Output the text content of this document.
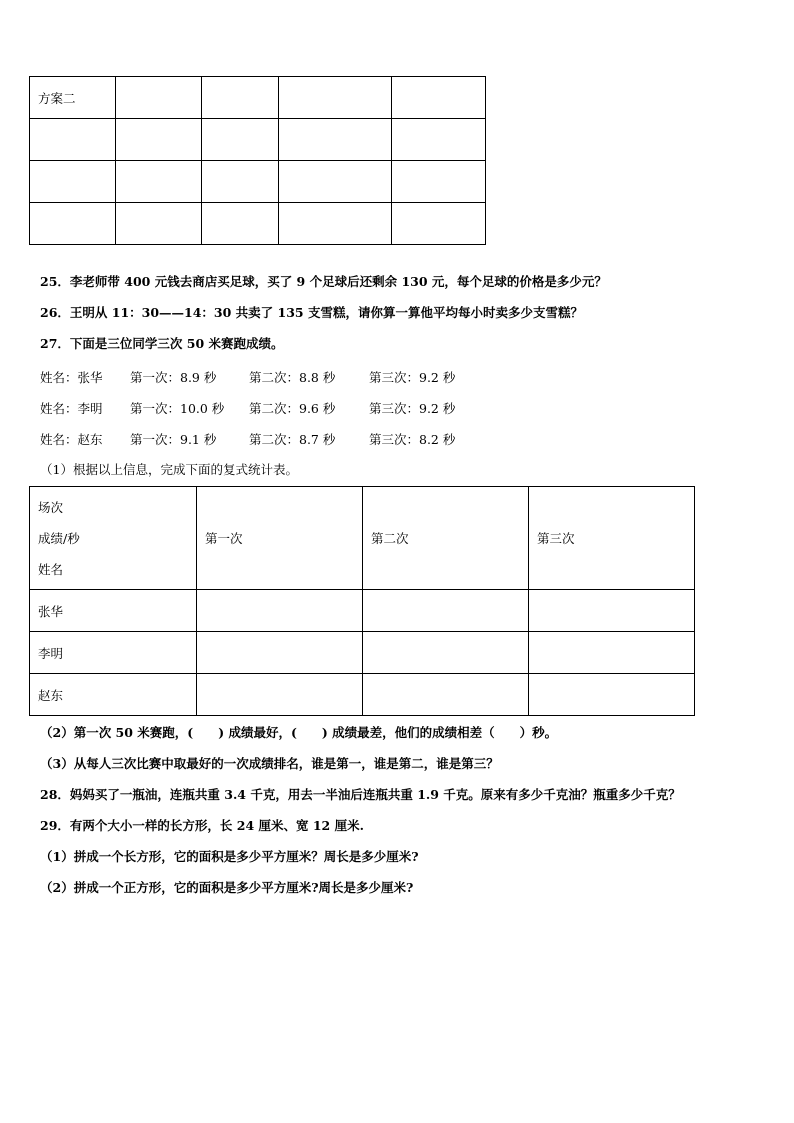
方案二				

25．李老师带 400 元钱去商店买足球，买了 9 个足球后还剩余 130 元，每个足球的价格是多少元？
26．王明从 11：30——14：30 共卖了 135 支雪糕，请你算一算他平均每小时卖多少支雪糕？
27．下面是三位同学三次 50 米赛跑成绩。
姓名：张华 第一次：8.9 秒	第二次：8.8 秒	第三次：9.2 秒
姓名：李明 第一次：10.0 秒 第二次：9.6 秒	第三次：9.2 秒
姓名：赵东 第一次：9.1 秒	第二次：8.7 秒	第三次：8.2 秒
（1）根据以上信息，完成下面的复式统计表。
场次
成绩/秒
姓名	第一次	第二次	第三次
张华			
李明			
赵东			
（2）第一次 50 米赛跑，(　　) 成绩最好，(　　) 成绩最差，他们的成绩相差（　　）秒。
（3）从每人三次比赛中取最好的一次成绩排名，谁是第一，谁是第二，谁是第三？
28．妈妈买了一瓶油，连瓶共重 3.4 千克，用去一半油后连瓶共重 1.9 千克。原来有多少千克油？瓶重多少千克？
29．有两个大小一样的长方形，长 24 厘米、宽 12 厘米.
（1）拼成一个长方形，它的面积是多少平方厘米？周长是多少厘米?
（2）拼成一个正方形，它的面积是多少平方厘米?周长是多少厘米?
